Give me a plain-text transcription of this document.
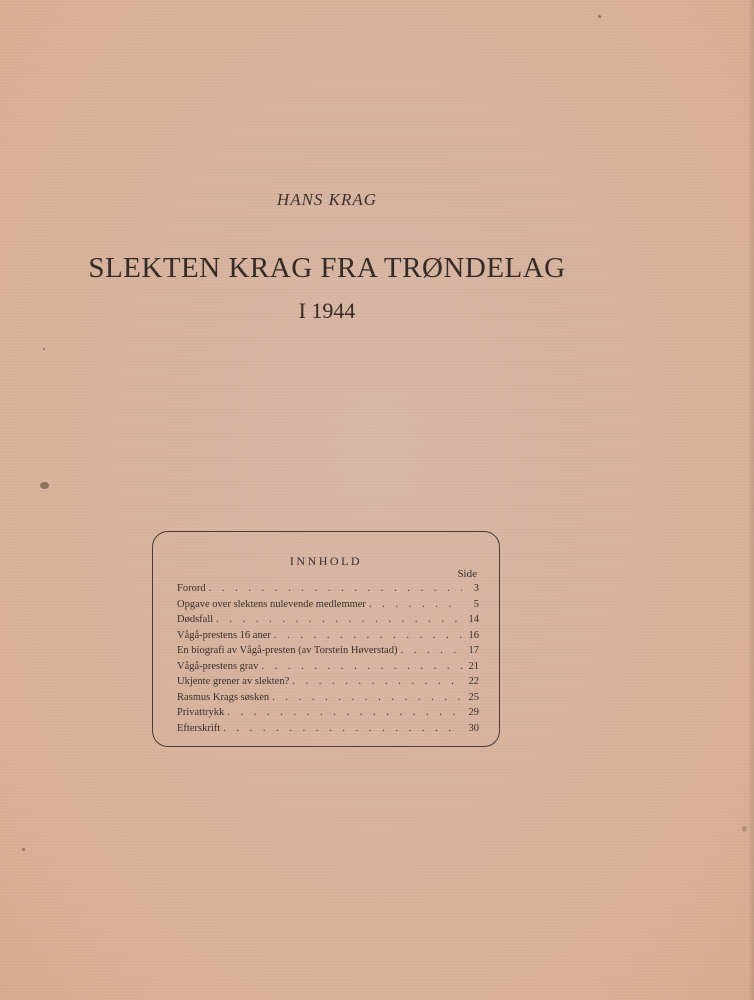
HANS KRAG
SLEKTEN KRAG FRA TRØNDELAG
I 1944
INNHOLD
Side
Forord . . .	3
Opgave over slektens nulevende medlemmer . . .	5
Dødsfall . . .	14
Vågå-prestens 16 aner . . .	16
En biografi av Vågå-presten (av Torstein Høverstad) . . .	17
Vågå-prestens grav . . .	21
Ukjente grener av slekten? . . .	22
Rasmus Krags søsken . . .	25
Privattrykk . . .	29
Efterskrift . . .	30
